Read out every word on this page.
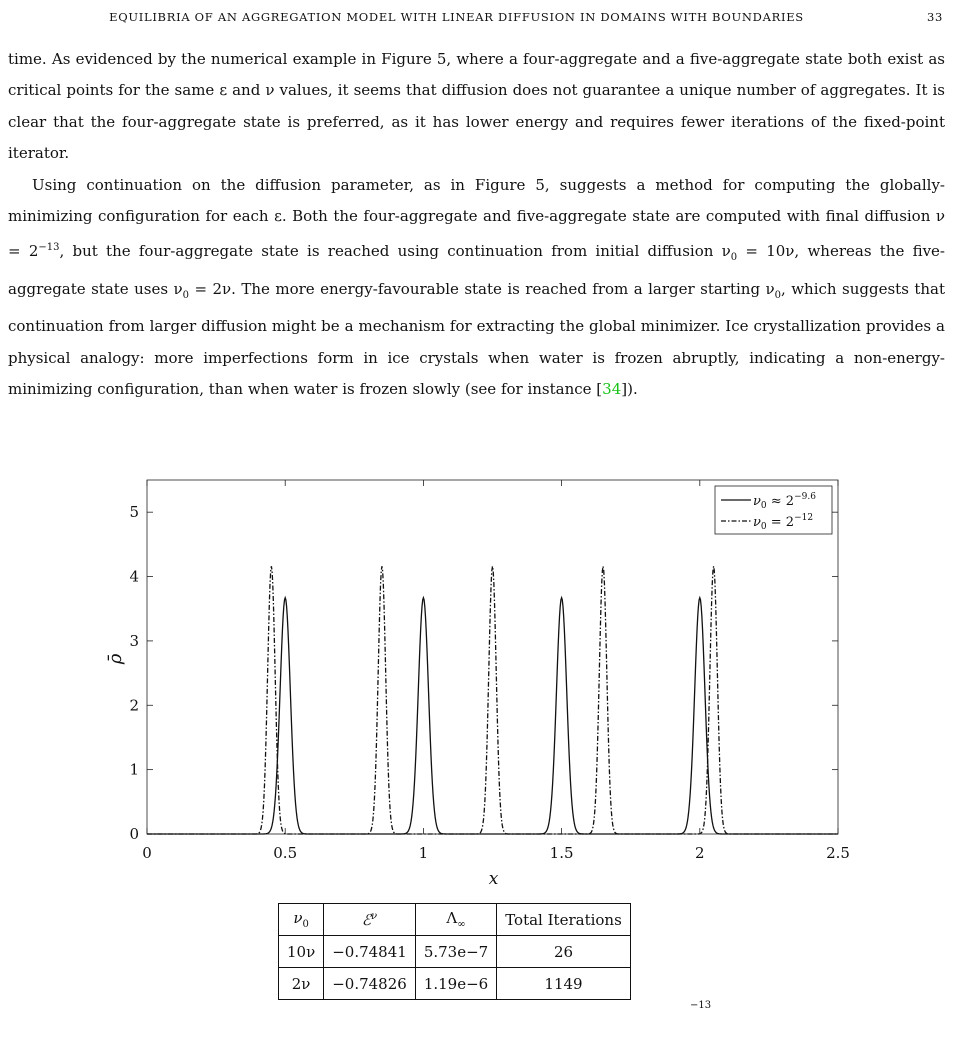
EQUILIBRIA OF AN AGGREGATION MODEL WITH LINEAR DIFFUSION IN DOMAINS WITH BOUNDARIES	33

time. As evidenced by the numerical example in Figure 5, where a four-aggregate and a five-aggregate state both exist as critical points for the same ε and ν values, it seems that diffusion does not guarantee a unique number of aggregates. It is clear that the four-aggregate state is preferred, as it has lower energy and requires fewer iterations of the fixed-point iterator.

Using continuation on the diffusion parameter, as in Figure 5, suggests a method for computing the globally-minimizing configuration for each ε. Both the four-aggregate and five-aggregate state are computed with final diffusion $\nu = 2^{-13}$, but the four-aggregate state is reached using continuation from initial diffusion $\nu_0 = 10\nu$, whereas the five-aggregate state uses $\nu_0 = 2\nu$. The more energy-favourable state is reached from a larger starting $\nu_0$, which suggests that continuation from larger diffusion might be a mechanism for extracting the global minimizer. Ice crystallization provides a physical analogy: more imperfections form in ice crystals when water is frozen abruptly, indicating a non-energy-minimizing configuration, than when water is frozen slowly (see for instance [34]).

0	0.5	1	1.5	2	2.5
0
1
2
3
4
5
x
ρ̄
$\nu_0 \approx 2^{-9.6}$
$\nu_0 = 2^{-12}$
$\nu_0$	ℰ$^\nu$	$\Lambda_\infty$	Total Iterations
10ν	−0.74841	5.73e−7	26
2ν	−0.74826	1.19e−6	1149
−13
